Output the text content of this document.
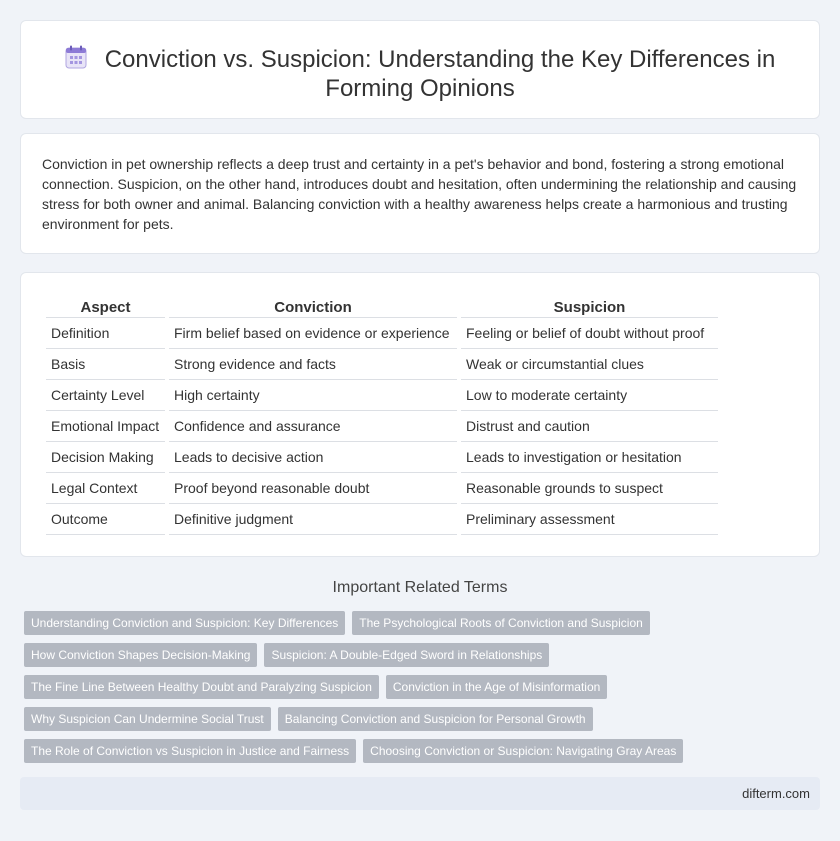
Conviction vs. Suspicion: Understanding the Key Differences in Forming Opinions

Conviction in pet ownership reflects a deep trust and certainty in a pet's behavior and bond, fostering a strong emotional connection. Suspicion, on the other hand, introduces doubt and hesitation, often undermining the relationship and causing stress for both owner and animal. Balancing conviction with a healthy awareness helps create a harmonious and trusting environment for pets.

Aspect	Conviction	Suspicion
Definition	Firm belief based on evidence or experience	Feeling or belief of doubt without proof
Basis	Strong evidence and facts	Weak or circumstantial clues
Certainty Level	High certainty	Low to moderate certainty
Emotional Impact	Confidence and assurance	Distrust and caution
Decision Making	Leads to decisive action	Leads to investigation or hesitation
Legal Context	Proof beyond reasonable doubt	Reasonable grounds to suspect
Outcome	Definitive judgment	Preliminary assessment
Important Related Terms
Understanding Conviction and Suspicion: Key Differences	The Psychological Roots of Conviction and Suspicion
How Conviction Shapes Decision-Making	Suspicion: A Double-Edged Sword in Relationships
The Fine Line Between Healthy Doubt and Paralyzing Suspicion	Conviction in the Age of Misinformation
Why Suspicion Can Undermine Social Trust	Balancing Conviction and Suspicion for Personal Growth
The Role of Conviction vs Suspicion in Justice and Fairness	Choosing Conviction or Suspicion: Navigating Gray Areas
difterm.com
